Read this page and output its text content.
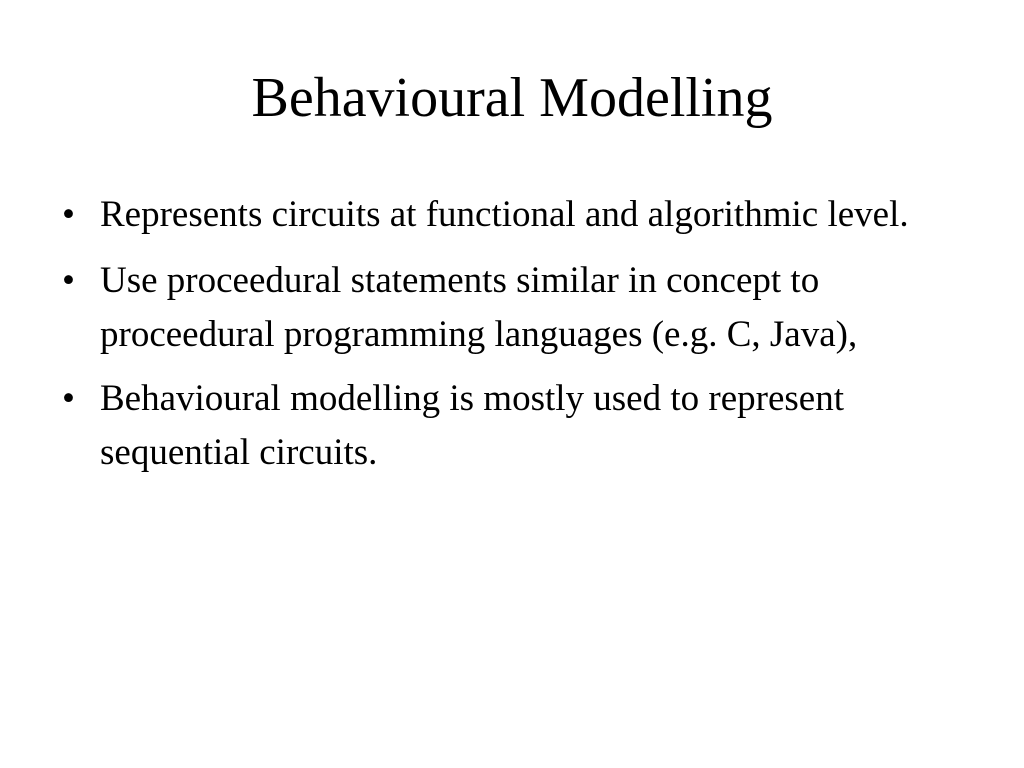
Behavioural Modelling
• Represents circuits at functional and algorithmic level.
• Use proceedural statements similar in concept to proceedural programming languages (e.g. C, Java),
• Behavioural modelling is mostly used to represent sequential circuits.
